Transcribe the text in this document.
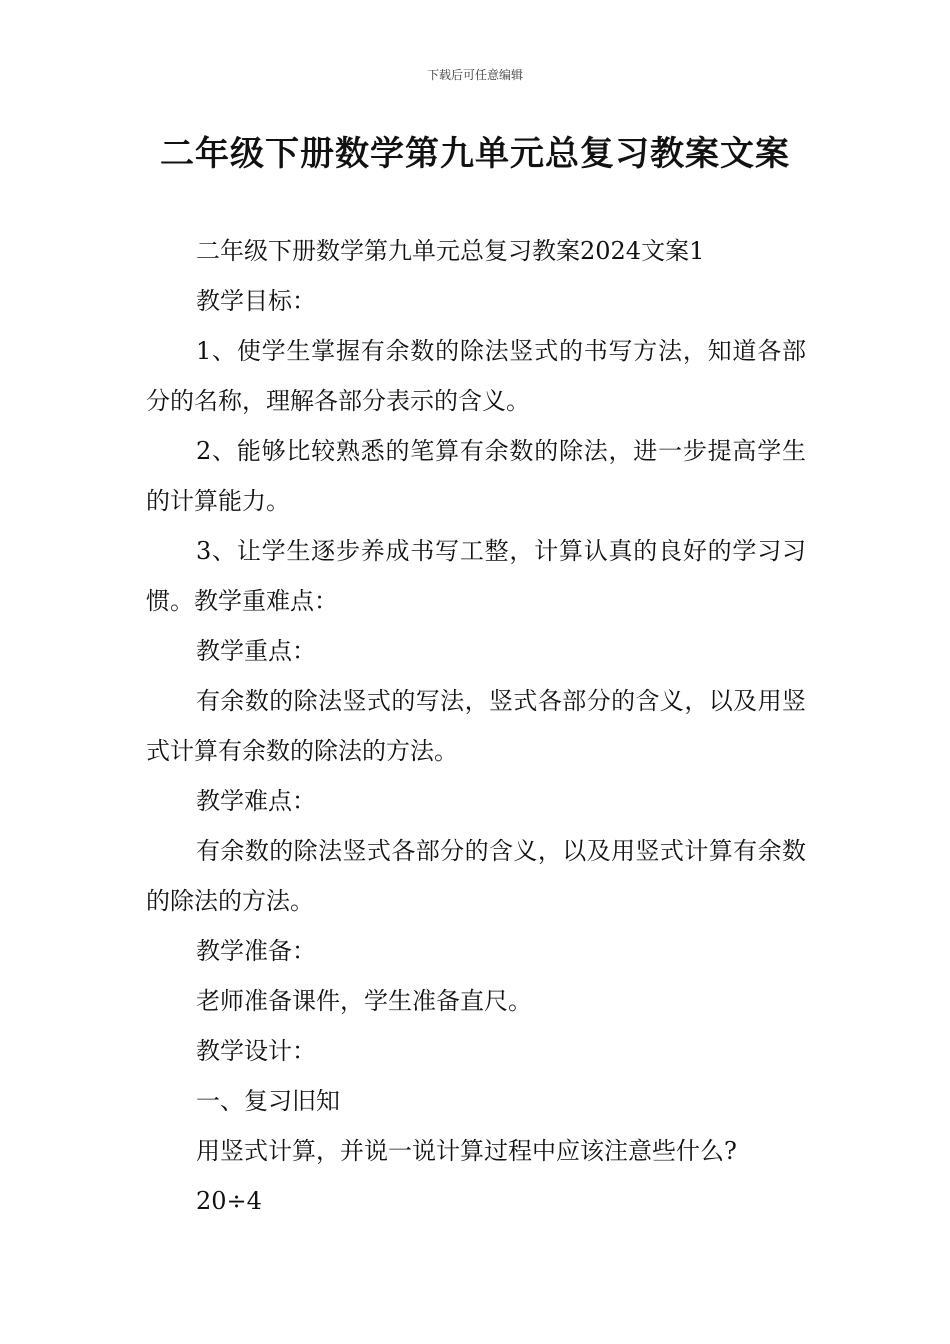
下载后可任意编辑
二年级下册数学第九单元总复习教案文案

二年级下册数学第九单元总复习教案2024文案1

教学目标：

1、使学生掌握有余数的除法竖式的书写方法，知道各部分的名称，理解各部分表示的含义。

2、能够比较熟悉的笔算有余数的除法，进一步提高学生的计算能力。

3、让学生逐步养成书写工整，计算认真的良好的学习习惯。教学重难点：

教学重点：

有余数的除法竖式的写法，竖式各部分的含义，以及用竖式计算有余数的除法的方法。

教学难点：

有余数的除法竖式各部分的含义，以及用竖式计算有余数的除法的方法。

教学准备：

老师准备课件，学生准备直尺。

教学设计：

一、复习旧知

用竖式计算，并说一说计算过程中应该注意些什么?

20÷4
